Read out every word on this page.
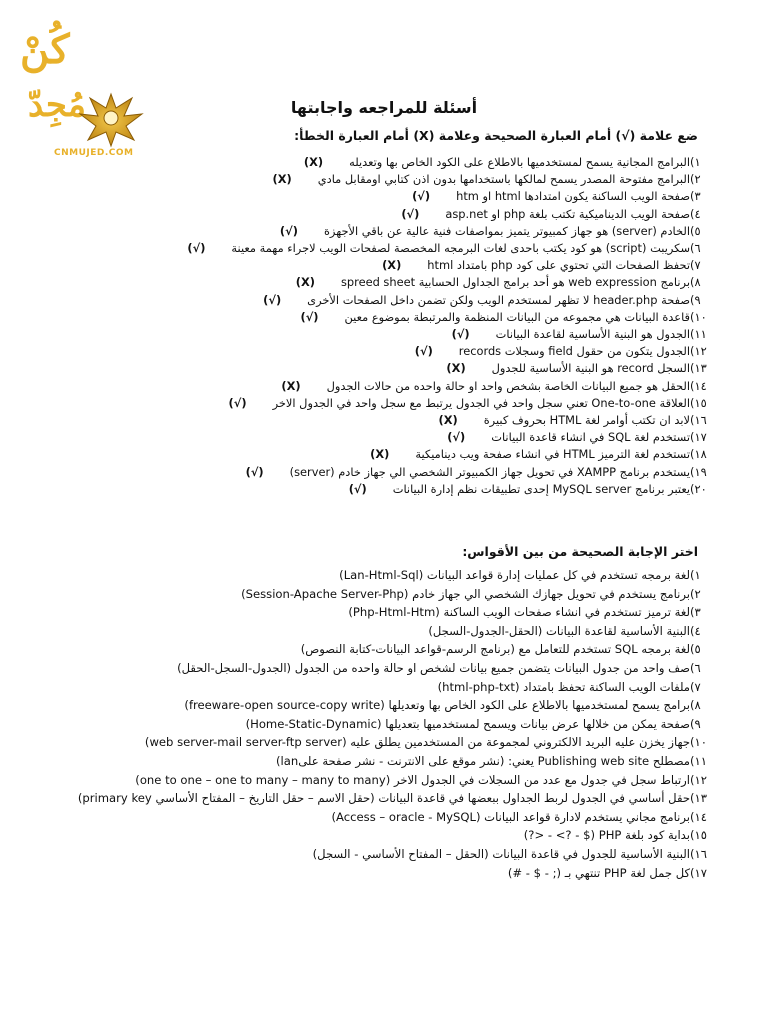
كُنْ
مُجِدّ
CNMUJED.COM
أسئلة للمراجعه واجابتها
ضع علامة (√) أمام العبارة الصحيحة وعلامة (X) أمام العبارة الخطأ:
١)
البرامج المجانية يسمح لمستخدميها بالاطلاع على الكود الخاص بها وتعديله
(X)
٢)
البرامج مفتوحة المصدر يسمح لمالكها باستخدامها بدون اذن كتابي اومقابل مادي
(X)
٣)
صفحة الويب الساكنة يكون امتدادها html او htm
(√)
٤)
صفحة الويب الديناميكية تكتب بلغة php او asp.net
(√)
٥)
الخادم (server) هو جهاز كمبيوتر يتميز بمواصفات فنية عالية عن باقي الأجهزة
(√)
٦)
سكريبت (script) هو كود يكتب باحدى لغات البرمجه المخصصة لصفحات الويب لاجراء مهمة معينة
(√)
٧)
تحفظ الصفحات التي تحتوي على كود php بامتداد html
(X)
٨)
برنامج web expression هو أحد برامج الجداول الحسابية spreed sheet
(X)
٩)
صفحة header.php لا تظهر لمستخدم الويب ولكن تضمن داخل الصفحات الأخرى
(√)
١٠)
قاعدة البيانات هي مجموعه من البيانات المنظمة والمرتبطة بموضوع معين
(√)
١١)
الجدول هو البنية الأساسية لقاعدة البيانات
(√)
١٢)
الجدول يتكون من حقول field وسجلات records
(√)
١٣)
السجل record هو البنية الأساسية للجدول
(X)
١٤)
الحقل هو جميع البيانات الخاصة بشخص واحد او حالة واحده من حالات الجدول
(X)
١٥)
العلاقة One-to-one تعني سجل واحد في الجدول يرتبط مع سجل واحد في الجدول الاخر
(√)
١٦)
لابد ان تكتب أوامر لغة HTML بحروف كبيرة
(X)
١٧)
تستخدم لغة SQL في انشاء قاعدة البيانات
(√)
١٨)
تستخدم لغة الترميز HTML في انشاء صفحة ويب ديناميكية
(X)
١٩)
يستخدم برنامج XAMPP في تحويل جهاز الكمبيوتر الشخصي الي جهاز خادم (server)
(√)
٢٠)
يعتبر برنامج MySQL server إحدى تطبيقات نظم إدارة البيانات
(√)
اختر الإجابة الصحيحة من بين الأقواس:
١)
لغة برمجه تستخدم في كل عمليات إدارة قواعد البيانات (Lan-Html-Sql)
٢)
برنامج يستخدم في تحويل جهازك الشخصي الي جهاز خادم (Session-Apache Server-Php)
٣)
لغة ترميز تستخدم في انشاء صفحات الويب الساكنة (Php-Html-Htm)
٤)
البنية الأساسية لقاعدة البيانات (الحقل-الجدول-السجل)
٥)
لغة برمجه SQL تستخدم للتعامل مع (برنامج الرسم-قواعد البيانات-كتابة النصوص)
٦)
صف واحد من جدول البيانات يتضمن جميع بيانات لشخص او حالة واحده من الجدول (الجدول-السجل-الحقل)
٧)
ملفات الويب الساكنة تحفظ بامتداد (html-php-txt)
٨)
برامج يسمح لمستخدميها بالاطلاع على الكود الخاص بها وتعديلها (freeware-open source-copy write)
٩)
صفحة يمكن من خلالها عرض بيانات ويسمح لمستخدميها بتعديلها (Home-Static-Dynamic)
١٠)
جهاز يخزن عليه البريد الالكتروني لمجموعة من المستخدمين يطلق عليه (web server-mail server-ftp server)
١١)
مصطلح Publishing web site يعني: (نشر موقع على الانترنت - نشر صفحة علىlan)
١٢)
ارتباط سجل في جدول مع عدد من السجلات في الجدول الاخر (one to one – one to many – many to many)
١٣)
حقل أساسي في الجدول لربط الجداول ببعضها في قاعدة البيانات (حقل الاسم – حقل التاريخ – المفتاح الأساسي primary key)
١٤)
برنامج مجاني يستخدم لادارة قواعد البيانات (Access – oracle - MySQL)
١٥)
بداية كود بلغة PHP ($ - ?> - <?)
١٦)
البنية الأساسية للجدول في قاعدة البيانات (الحقل – المفتاح الأساسي - السجل)
١٧)
كل جمل لغة PHP تنتهي بـ (; - $ - #)
